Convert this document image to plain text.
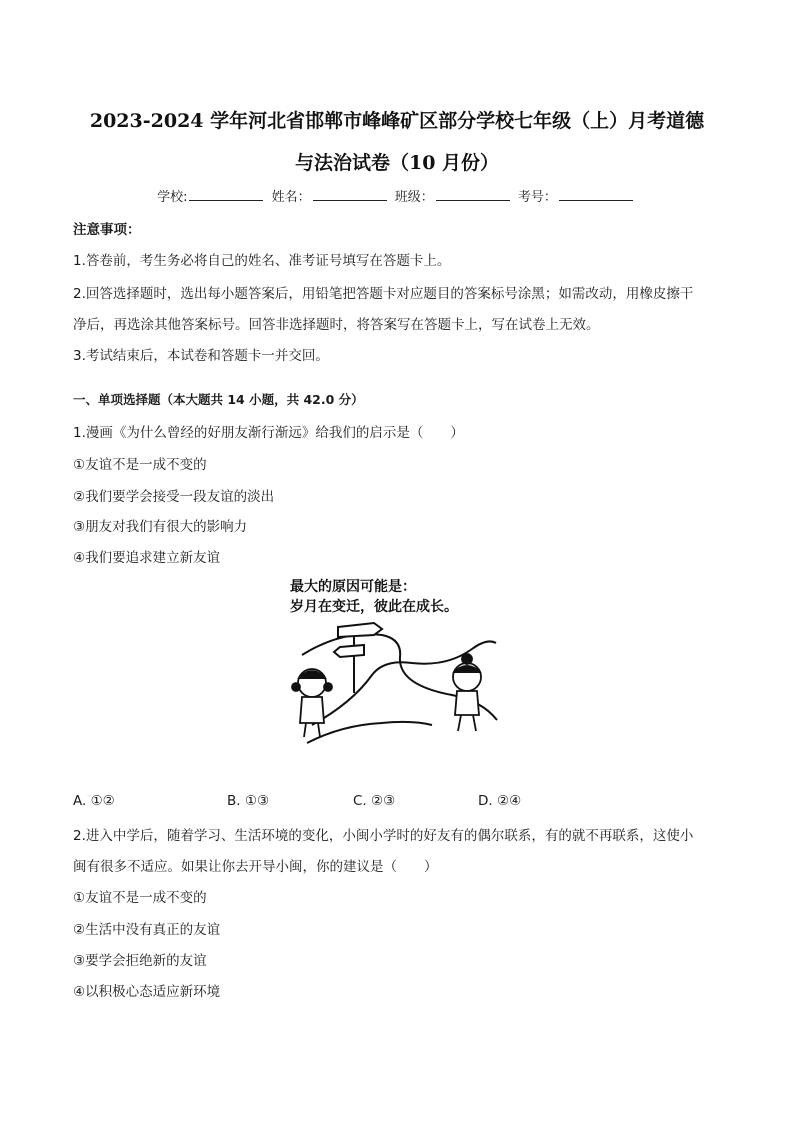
2023-2024 学年河北省邯郸市峰峰矿区部分学校七年级（上）月考道德
与法治试卷（10 月份）
学校:	姓名：	班级：	考号：
注意事项：
1.答卷前，考生务必将自己的姓名、准考证号填写在答题卡上。
2.回答选择题时，选出每小题答案后，用铅笔把答题卡对应题目的答案标号涂黑；如需改动，用橡皮擦干
净后，再选涂其他答案标号。回答非选择题时，将答案写在答题卡上，写在试卷上无效。
3.考试结束后，本试卷和答题卡一并交回。
一、单项选择题（本大题共 14 小题，共 42.0 分）
1.漫画《为什么曾经的好朋友渐行渐远》给我们的启示是（　　）
①友谊不是一成不变的
②我们要学会接受一段友谊的淡出
③朋友对我们有很大的影响力
④我们要追求建立新友谊
最大的原因可能是：
岁月在变迁，彼此在成长。
A. ①②	B. ①③	C. ②③	D. ②④
2.进入中学后，随着学习、生活环境的变化，小闽小学时的好友有的偶尔联系，有的就不再联系，这使小
闽有很多不适应。如果让你去开导小闽，你的建议是（　　）
①友谊不是一成不变的
②生活中没有真正的友谊
③要学会拒绝新的友谊
④以积极心态适应新环境
